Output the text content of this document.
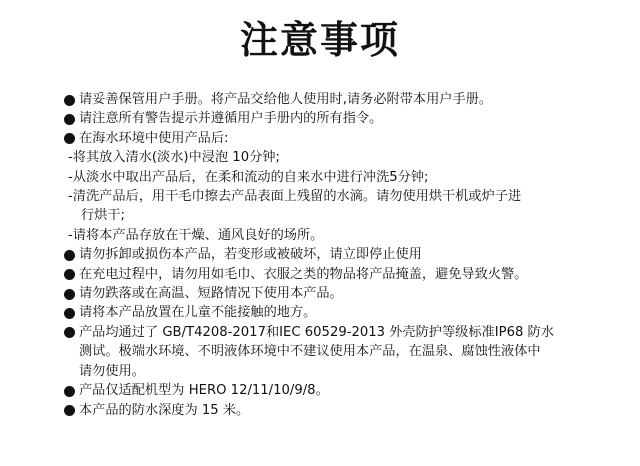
注意事项
请妥善保管用户手册。将产品交给他人使用时,请务必附带本用户手册。
请注意所有警告提示并遵循用户手册内的所有指令。
在海水环境中使用产品后:
-将其放入清水(淡水)中浸泡 10分钟;
-从淡水中取出产品后，在柔和流动的自来水中进行冲洗5分钟;
-清洗产品后，用干毛巾擦去产品表面上残留的水滴。请勿使用烘干机或炉子进
行烘干;
-请将本产品存放在干燥、通风良好的场所。
请勿拆卸或损伤本产品，若变形或被破坏，请立即停止使用
在充电过程中，请勿用如毛巾、衣服之类的物品将产品掩盖，避免导致火警。
请勿跌落或在高温、短路情况下使用本产品。
请将本产品放置在儿童不能接触的地方。
产品均通过了 GB/T4208-2017和IEC 60529-2013 外壳防护等级标准IP68 防水
测试。极端水环境、不明液体环境中不建议使用本产品，在温泉、腐蚀性液体中
请勿使用。
产品仅适配机型为 HERO 12/11/10/9/8。
本产品的防水深度为 15 米。
